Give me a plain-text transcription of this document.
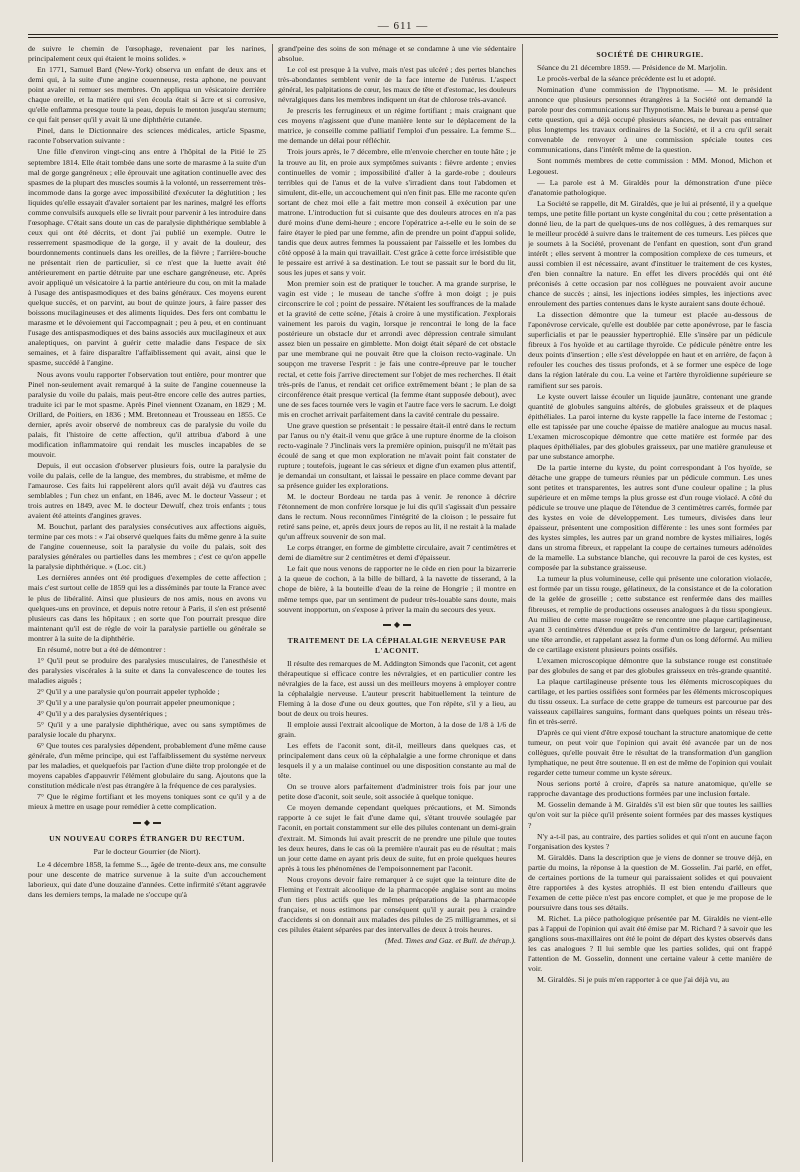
— 611 —

de suivre le chemin de l'œsophage, revenaient par les narines, principalement ceux qui étaient le moins solides. »

En 1771, Samuel Bard (New-York) observa un enfant de deux ans et demi qui, à la suite d'une angine couenneuse, resta aphone, ne pouvant point avaler ni remuer ses membres. On appliqua un vésicatoire derrière chaque oreille, et la matière qui s'en écoula était si âcre et si corrosive, qu'elle enflamma presque toute la peau, depuis le menton jusqu'au sternum; ce qui fait penser qu'il y avait là une diphthérie cutanée.

Pinel, dans le Dictionnaire des sciences médicales, article Spasme, raconte l'observation suivante :

Une fille d'environ vingt-cinq ans entre à l'hôpital de la Pitié le 25 septembre 1814. Elle était tombée dans une sorte de marasme à la suite d'un mal de gorge gangréneux ; elle éprouvait une agitation continuelle avec des spasmes de la plupart des muscles soumis à la volonté, un resserrement très-incommode dans la gorge avec impossibilité d'exécuter la déglutition ; les liquides qu'elle essayait d'avaler sortaient par les narines, malgré les efforts comme convulsifs auxquels elle se livrait pour parvenir à les introduire dans l'œsophage. C'était sans doute un cas de paralysie diphthérique semblable à ceux qui ont été décrits, et dont j'ai publié un exemple. Outre le resserrement spasmodique de la gorge, il y avait de la douleur, des bourdonnements continuels dans les oreilles, de la fièvre ; l'arrière-bouche ne présentait rien de particulier, si ce n'est que la luette avait été antérieurement en partie détruite par une eschare gangréneuse, etc. Après avoir appliqué un vésicatoire à la partie antérieure du cou, on mit la malade à l'usage des antispasmodiques et des bains généraux. Ces moyens eurent quelque succès, et on parvint, au bout de quinze jours, à faire passer des boissons mucilagineuses et des aliments liquides. Des fers ont combattu le marasme et le dévoiement qui l'accompagnait ; peu à peu, et en continuant l'usage des antispasmodiques et des bains associés aux mucilagineux et aux analeptiques, on parvint à guérir cette maladie dans l'espace de six semaines, et à faire disparaître l'affaiblissement qui avait, ainsi que le spasme, succédé à l'angine.

Nous avons voulu rapporter l'observation tout entière, pour montrer que Pinel non-seulement avait remarqué à la suite de l'angine couenneuse la paralysie du voile du palais, mais peut-être encore celle des autres parties, traduite ici par le mot spasme. Après Pinel viennent Ozanam, en 1829 ; M. Orillard, de Poitiers, en 1836 ; MM. Bretonneau et Trousseau en 1855. Ce dernier, après avoir observé de nombreux cas de paralysie du voile du palais, fit l'histoire de cette affection, qu'il attribua d'abord à une modification inflammatoire qui rendait les muscles incapables de se mouvoir.

Depuis, il eut occasion d'observer plusieurs fois, outre la paralysie du voile du palais, celle de la langue, des membres, du strabisme, et même de l'amaurose. Ces faits lui rappelèrent alors qu'il avait déjà vu d'autres cas semblables ; l'un chez un enfant, en 1846, avec M. le docteur Vasseur ; et trois autres en 1849, avec M. le docteur Dewulf, chez trois enfants ; tous avaient été atteints d'angines graves.

M. Bouchut, parlant des paralysies consécutives aux affections aiguës, termine par ces mots : « J'ai observé quelques faits du même genre à la suite de l'angine couenneuse, soit la paralysie du voile du palais, soit des paralysies générales ou partielles dans les membres ; c'est ce qu'on appelle la paralysie diphthérique. » (Loc. cit.)

Les dernières années ont été prodigues d'exemples de cette affection ; mais c'est surtout celle de 1859 qui les a disséminés par toute la France avec le plus de libéralité. Ainsi que plusieurs de nos amis, nous en avons vu quelques-uns en province, et depuis notre retour à Paris, il s'en est présenté plusieurs cas dans les hôpitaux ; en sorte que l'on pourrait presque dire maintenant qu'il est de règle de voir la paralysie partielle ou générale se montrer à la suite de la diphthérie.

En résumé, notre but a été de démontrer :

1° Qu'il peut se produire des paralysies musculaires, de l'anesthésie et des paralysies viscérales à la suite et dans la convalescence de toutes les maladies aiguës ;

2° Qu'il y a une paralysie qu'on pourrait appeler typhoïde ;

3° Qu'il y a une paralysie qu'on pourrait appeler pneumonique ;

4° Qu'il y a des paralysies dysentériques ;

5° Qu'il y a une paralysie diphthérique, avec ou sans symptômes de paralysie locale du pharynx.

6° Que toutes ces paralysies dépendent, probablement d'une même cause générale, d'un même principe, qui est l'affaiblissement du système nerveux par les maladies, et quelquefois par l'action d'une diète trop prolongée et de moyens capables d'appauvrir l'élément globulaire du sang. Ajoutons que la constitution médicale n'est pas étrangère à la fréquence de ces paralysies.

7° Que le régime fortifiant et les moyens toniques sont ce qu'il y a de mieux à mettre en usage pour remédier à cette complication.

◆

UN NOUVEAU CORPS ÉTRANGER DU RECTUM.

Par le docteur Gourrier (de Niort).

Le 4 décembre 1858, la femme S..., âgée de trente-deux ans, me consulte pour une descente de matrice survenue à la suite d'un accouchement laborieux, qui date d'une douzaine d'années. Cette infirmité s'étant aggravée dans les derniers temps, la malade ne s'occupe qu'à

grand'peine des soins de son ménage et se condamne à une vie sédentaire absolue.

Le col est presque à la vulve, mais n'est pas ulcéré ; des pertes blanches très-abondantes semblent venir de la face interne de l'utérus. L'aspect général, les palpitations de cœur, les maux de tête et d'estomac, les douleurs névralgiques dans les membres indiquent un état de chlorose très-avancé.

Je prescris les ferrugineux et un régime fortifiant ; mais craignant que ces moyens n'agissent que d'une manière lente sur le déplacement de la matrice, je conseille comme palliatif l'emploi d'un pessaire. La femme S... me demande un délai pour réfléchir.

Trois jours après, le 7 décembre, elle m'envoie chercher en toute hâte ; je la trouve au lit, en proie aux symptômes suivants : fièvre ardente ; envies continuelles de vomir ; impossibilité d'aller à la garde-robe ; douleurs terribles qui de l'anus et de la vulve s'irradient dans tout l'abdomen et simulent, dit-elle, un accouchement qui n'en finit pas. Elle me raconte qu'en sortant de chez moi elle a fait mettre mon conseil à exécution par une matrone. L'introduction fut si cuisante que des douleurs atroces en n'a pas duré moins d'une demi-heure ; encore l'opératrice a-t-elle eu le soin de se faire étayer le pied par une femme, afin de prendre un point d'appui solide, tandis que deux autres femmes la poussaient par l'aisselle et les lombes du côté opposé à la main qui travaillait. C'est grâce à cette force irrésistible que le pessaire est arrivé à sa destination. Le tout se passait sur le bord du lit, sous les jupes et sans y voir.

Mon premier soin est de pratiquer le toucher. A ma grande surprise, le vagin est vide ; le museau de tanche s'offre à mon doigt ; je puis circonscrire le col ; point de pessaire. N'étaient les souffrances de la malade et la gravité de cette scène, j'étais à croire à une mystification. J'explorais vainement les parois du vagin, lorsque je rencontrai le long de la face postérieure un obstacle dur et arrondi avec dépression centrale simulant assez bien un pessaire en gimblette. Mon doigt était séparé de cet obstacle par une membrane qui ne pouvait être que la cloison recto-vaginale. Un soupçon me traverse l'esprit : je fais une contre-épreuve par le toucher rectal, et cette fois j'arrive directement sur l'objet de mes recherches. Il était très-près de l'anus, et rendait cet orifice extrêmement béant ; le plan de sa circonférence était presque vertical (la femme étant supposée debout), avec une de ses faces tournée vers le vagin et l'autre face vers le sacrum. Le doigt mis en crochet arrivait parfaitement dans la cavité centrale du pessaire.

Une grave question se présentait : le pessaire était-il entré dans le rectum par l'anus ou n'y était-il venu que grâce à une rupture énorme de la cloison recto-vaginale ? J'inclinais vers la première opinion, puisqu'il ne m'était pas écoulé de sang et que mon exploration ne m'avait point fait constater de rupture ; toutefois, jugeant le cas sérieux et digne d'un examen plus attentif, je demandai un consultant, et laissai le pessaire en place comme devant par sa présence guider les explorations.

M. le docteur Bordeau ne tarda pas à venir. Je renonce à décrire l'étonnement de mon confrère lorsque je lui dis qu'il s'agissait d'un pessaire dans le rectum. Nous reconnûmes l'intégrité de la cloison ; le pessaire fut retiré sans peine, et, après deux jours de repos au lit, il ne restait à la malade qu'un affreux souvenir de son mal.

Le corps étranger, en forme de gimblette circulaire, avait 7 centimètres et demi de diamètre sur 2 centimètres et demi d'épaisseur.

Le fait que nous venons de rapporter ne le cède en rien pour la bizarrerie à la queue de cochon, à la bille de billard, à la navette de tisserand, à la chope de bière, à la bouteille d'eau de la reine de Hongrie ; il montre en même temps que, par un sentiment de pudeur très-louable sans doute, mais souvent inopportun, on s'expose à priver la main du secours des yeux.

◆

TRAITEMENT DE LA CÉPHALALGIE NERVEUSE PAR L'ACONIT.

Il résulte des remarques de M. Addington Simonds que l'aconit, cet agent thérapeutique si efficace contre les névralgies, et en particulier contre les névralgies de la face, est aussi un des meilleurs moyens à employer contre la céphalalgie nerveuse. L'auteur prescrit habituellement la teinture de Fleming à la dose d'une ou deux gouttes, que l'on répète, s'il y a lieu, au bout de deux ou trois heures.

Il emploie aussi l'extrait alcoolique de Morton, à la dose de 1/8 à 1/6 de grain.

Les effets de l'aconit sont, dit-il, meilleurs dans quelques cas, et principalement dans ceux où la céphalalgie a une forme chronique et dans lesquels il y a un malaise continuel ou une disposition constante au mal de tête.

On se trouve alors parfaitement d'administrer trois fois par jour une petite dose d'aconit, soit seule, soit associée à quelque tonique.

Ce moyen demande cependant quelques précautions, et M. Simonds rapporte à ce sujet le fait d'une dame qui, s'étant trouvée soulagée par l'aconit, en portait constamment sur elle des pilules contenant un demi-grain d'extrait. M. Simonds lui avait prescrit de ne prendre une pilule que toutes les deux heures, dans le cas où la première n'aurait pas eu de résultat ; mais un jour cette dame en ayant pris deux de suite, fut en proie quelques heures après à tous les phénomènes de l'empoisonnement par l'aconit.

Nous croyons devoir faire remarquer à ce sujet que la teinture dite de Fleming et l'extrait alcoolique de la pharmacopée anglaise sont au moins d'un tiers plus actifs que les mêmes préparations de la pharmacopée française, et nous estimons par conséquent qu'il y aurait peu à craindre d'accidents si on donnait aux malades des pilules de 25 milligrammes, et si ces pilules étaient séparées par des intervalles de deux à trois heures.

(Med. Times and Gaz. et Bull. de thérap.).

SOCIÉTÉ DE CHIRURGIE.

Séance du 21 décembre 1859. — Présidence de M. Marjolin.

Le procès-verbal de la séance précédente est lu et adopté.

Nomination d'une commission de l'hypnotisme. — M. le président annonce que plusieurs personnes étrangères à la Société ont demandé la parole pour des communications sur l'hypnotisme. Mais le bureau a pensé que cette question, qui a déjà occupé plusieurs séances, ne devait pas entraîner plus longtemps les travaux ordinaires de la Société, et il a cru qu'il serait convenable de renvoyer à une commission spéciale toutes ces communications, dans l'intérêt même de la question.

Sont nommés membres de cette commission : MM. Monod, Michon et Legouest.

— La parole est à M. Giraldès pour la démonstration d'une pièce d'anatomie pathologique.

La Société se rappelle, dit M. Giraldès, que je lui ai présenté, il y a quelque temps, une petite fille portant un kyste congénital du cou ; cette présentation a donné lieu, de la part de quelques-uns de nos collègues, à des remarques sur le meilleur procédé à suivre dans le traitement de ces tumeurs. Les pièces que je soumets à la Société, provenant de l'enfant en question, sont d'un grand intérêt ; elles servent à montrer la composition complexe de ces tumeurs, et aussi combien il est nécessaire, avant d'instituer le traitement de ces kystes, d'en bien connaître la nature. En effet les divers procédés qui ont été préconisés à cette occasion par nos collègues ne pouvaient avoir aucune chance de succès ; ainsi, les injections iodées simples, les injections avec enroulement des parties contenues dans le kyste auraient sans doute échoué.

La dissection démontre que la tumeur est placée au-dessous de l'aponévrose cervicale, qu'elle est doublée par cette aponévrose, par le fascia superficialis et par le peaussier hypertrophié. Elle s'insère par un pédicule fibreux à l'os hyoïde et au cartilage thyroïde. Ce pédicule pénètre entre les deux points d'insertion ; elle s'est développée en haut et en arrière, de façon à refouler les couches des tissus profonds, et à se former une espèce de loge dans la région latérale du cou. La veine et l'artère thyroïdienne supérieure se ramifient sur ses parois.

Le kyste ouvert laisse écouler un liquide jaunâtre, contenant une grande quantité de globules sanguins altérés, de globules graisseux et de plaques épithéliales. La paroi interne du kyste rappelle la face interne de l'estomac ; elle est tapissée par une couche épaisse de matière analogue au mucus nasal. L'examen microscopique démontre que cette matière est formée par des plaques épithéliales, par des globules graisseux, par une matière granuleuse et par une substance amorphe.

De la partie interne du kyste, du point correspondant à l'os hyoïde, se détache une grappe de tumeurs réunies par un pédicule commun. Les unes sont petites et transparentes, les autres sont d'une couleur opaline ; la plus supérieure et en même temps la plus grosse est d'un rouge violacé. A côté du pédicule se trouve une plaque de l'étendue de 3 centimètres carrés, formée par des kystes en voie de développement. Les tumeurs, divisées dans leur épaisseur, présentent une composition différente : les unes sont formées par des kystes simples, les autres par un grand nombre de kystes miliaires, logés dans un stroma fibreux, et rappelant la coupe de certaines tumeurs adénoïdes de la mamelle. La substance blanche, qui recouvre la paroi de ces kystes, est composée par la substance graisseuse.

La tumeur la plus volumineuse, celle qui présente une coloration violacée, est formée par un tissu rouge, gélatineux, de la consistance et de la coloration de la gelée de groseille ; cette substance est renfermée dans des mailles fibreuses, et remplie de productions osseuses analogues à du tissu spongieux. Au milieu de cette masse rougeâtre se rencontre une plaque cartilagineuse, ayant 3 centimètres d'étendue et près d'un centimètre de largeur, présentant une tête arrondie, et rappelant assez la forme d'un os long déformé. Au milieu de ce cartilage existent plusieurs points ossifiés.

L'examen microscopique démontre que la substance rouge est constituée par des globules de sang et par des globules graisseux en très-grande quantité.

La plaque cartilagineuse présente tous les éléments microscopiques du cartilage, et les parties ossifiées sont formées par les éléments microscopiques du tissu osseux. La surface de cette grappe de tumeurs est parcourue par des vaisseaux capillaires sanguins, formant dans quelques points un réseau très-fin et très-serré.

D'après ce qui vient d'être exposé touchant la structure anatomique de cette tumeur, on peut voir que l'opinion qui avait été avancée par un de nos collègues, qu'elle pouvait être le résultat de la transformation d'un ganglion lymphatique, ne peut être soutenue. Il en est de même de l'opinion qui voulait regarder cette tumeur comme un kyste séreux.

Nous serions porté à croire, d'après sa nature anatomique, qu'elle se rapproche davantage des productions formées par une inclusion fœtale.

M. Gosselin demande à M. Giraldès s'il est bien sûr que toutes les saillies qu'on voit sur la pièce qu'il présente soient formées par des masses kystiques ?

N'y a-t-il pas, au contraire, des parties solides et qui n'ont en aucune façon l'organisation des kystes ?

M. Giraldès. Dans la description que je viens de donner se trouve déjà, en partie du moins, la réponse à la question de M. Gosselin. J'ai parlé, en effet, de certaines portions de la tumeur qui paraissaient solides et qui pouvaient être rapportées à des kystes atrophiés. Il est bien entendu d'ailleurs que l'examen de cette pièce n'est pas encore complet, et que je me propose de le poursuivre dans tous ses détails.

M. Richet. La pièce pathologique présentée par M. Giraldès ne vient-elle pas à l'appui de l'opinion qui avait été émise par M. Richard ? à savoir que les ganglions sous-maxillaires ont été le point de départ des kystes observés dans les cas analogues ? Il lui semble que les parties solides, qui ont frappé l'attention de M. Gosselin, donnent une certaine valeur à cette manière de voir.

M. Giraldès. Si je puis m'en rapporter à ce que j'ai déjà vu, au
